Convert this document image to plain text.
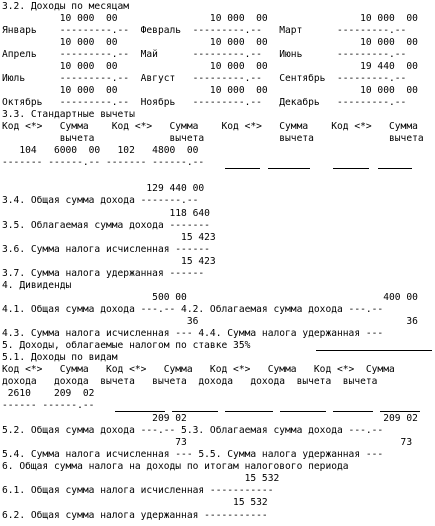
3.2. Доходы по месяцам
10 000  00                10 000  00                10 000  00
Январь    ---------.--  Февраль  ---------.--   Март      ---------.--
10 000  00                10 000  00                10 000  00
Апрель    ---------.--  Май      ---------.--   Июнь      ---------.--
10 000  00                10 000  00                19 440  00
Июль      ---------.--  Август   ---------.--   Сентябрь  ---------.--
10 000  00                10 000  00                10 000  00
Октябрь   ---------.--  Ноябрь   ---------.--   Декабрь   ---------.--
3.3. Стандартные вычеты
Код <*>   Сумма    Код <*>   Сумма    Код <*>   Сумма    Код <*>   Сумма
вычета             вычета             вычета             вычета
104   6000  00   102   4800  00
------- ------.-- ------- ------.--
129 440 00
3.4. Общая сумма дохода -------.--
118 640
3.5. Облагаемая сумма дохода -------
15 423
3.6. Сумма налога исчисленная ------
15 423
3.7. Сумма налога удержанная ------
4. Дивиденды
500 00                                  400 00
4.1. Общая сумма дохода ---.-- 4.2. Облагаемая сумма дохода ---.--
36                                    36
4.3. Сумма налога исчисленная --- 4.4. Сумма налога удержанная ---
5. Доходы, облагаемые налогом по ставке 35%
5.1. Доходы по видам
Код <*>   Сумма   Код <*>   Сумма   Код <*>   Сумма   Код <*>  Сумма
дохода   дохода  вычета   вычета  дохода   дохода  вычета  вычета
2610    209  02
------ ------.--
209 02                                  209 02
5.2. Общая сумма дохода ---.-- 5.3. Облагаемая сумма дохода ---.--
73                                     73
5.4. Сумма налога исчисленная --- 5.5. Сумма налога удержанная ---
6. Общая сумма налога на доходы по итогам налогового периода
15 532
6.1. Общая сумма налога исчисленная -----------
15 532
6.2. Общая сумма налога удержанная -----------
